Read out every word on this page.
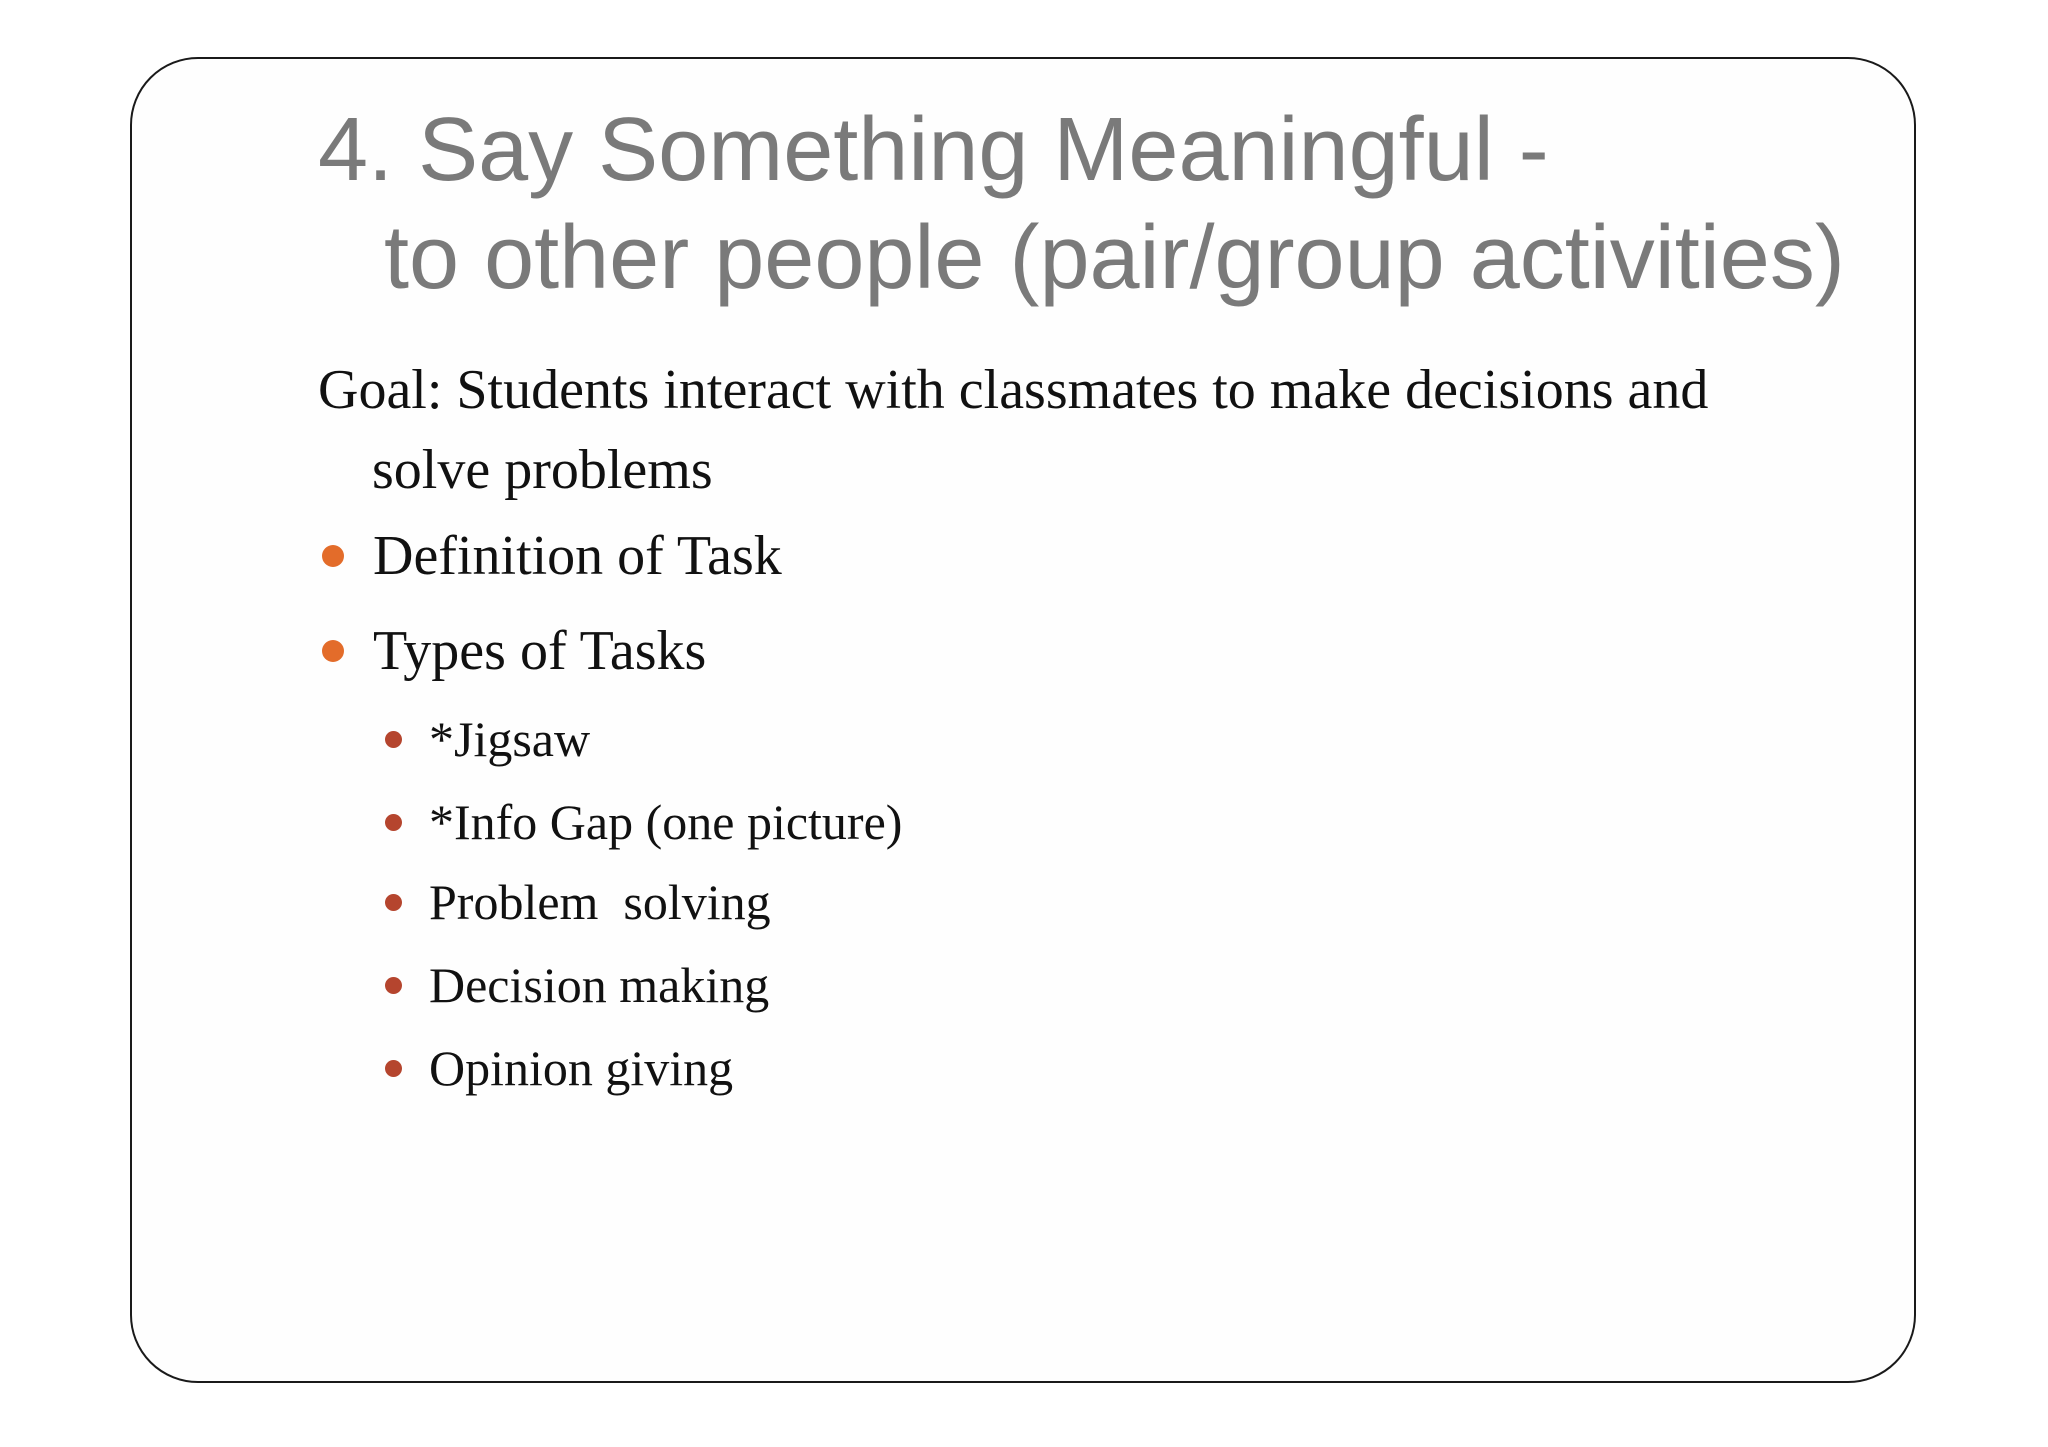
4. Say Something Meaningful -
to other people (pair/group activities)

Goal: Students interact with classmates to make decisions and
solve problems

Definition of Task
Types of Tasks
*Jigsaw
*Info Gap (one picture)
Problem  solving
Decision making
Opinion giving
